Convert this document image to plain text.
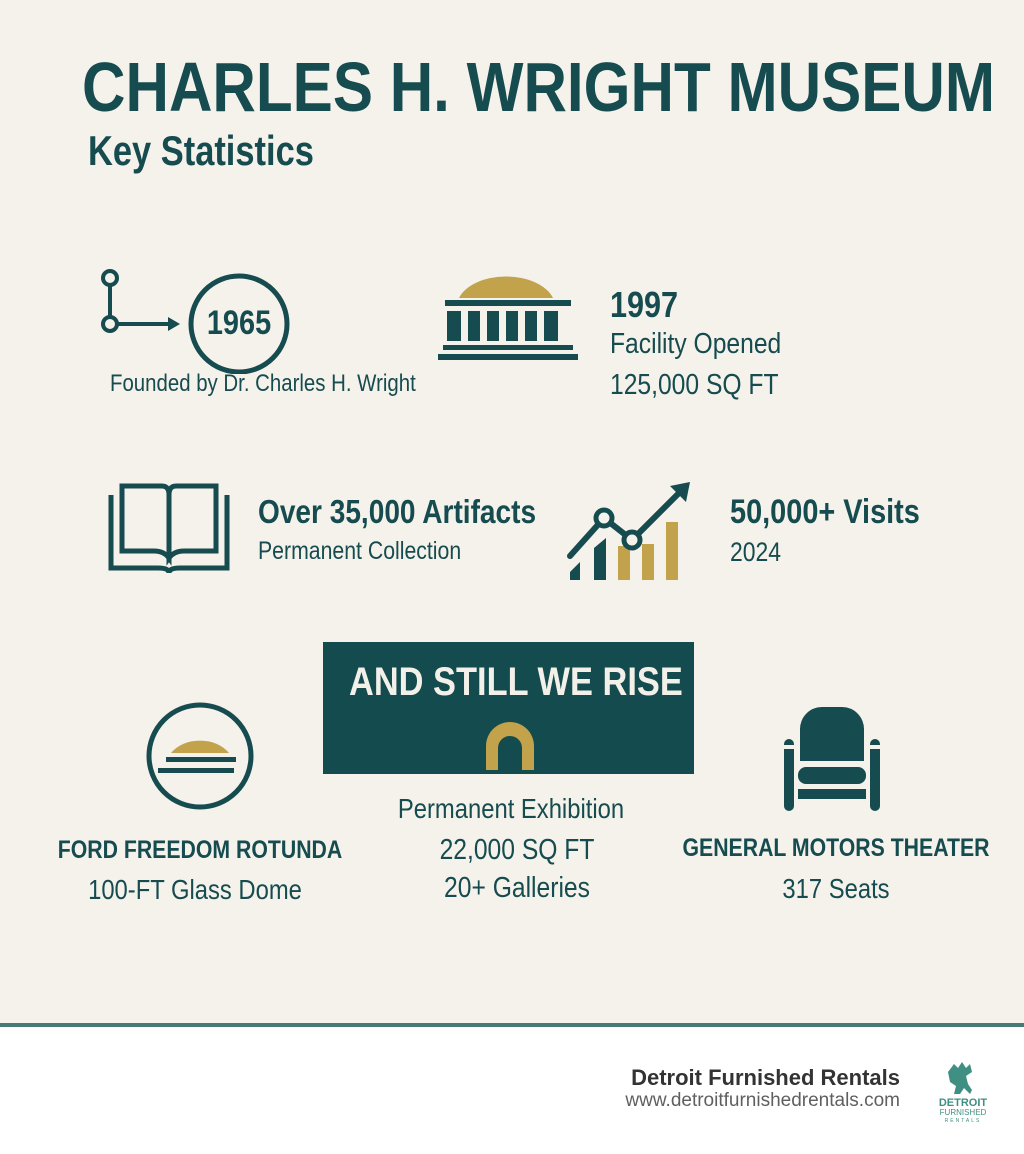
CHARLES H. WRIGHT MUSEUM
Key Statistics
1965
Founded by Dr. Charles H. Wright
1997
Facility Opened
125,000 SQ FT
Over 35,000 Artifacts
Permanent Collection
50,000+ Visits
2024
AND STILL WE RISE
Permanent Exhibition
22,000 SQ FT
20+ Galleries
FORD FREEDOM ROTUNDA
100-FT Glass Dome
GENERAL MOTORS THEATER
317 Seats
Detroit Furnished Rentals
www.detroitfurnishedrentals.com	DETROIT
FURNISHED
RENTALS
